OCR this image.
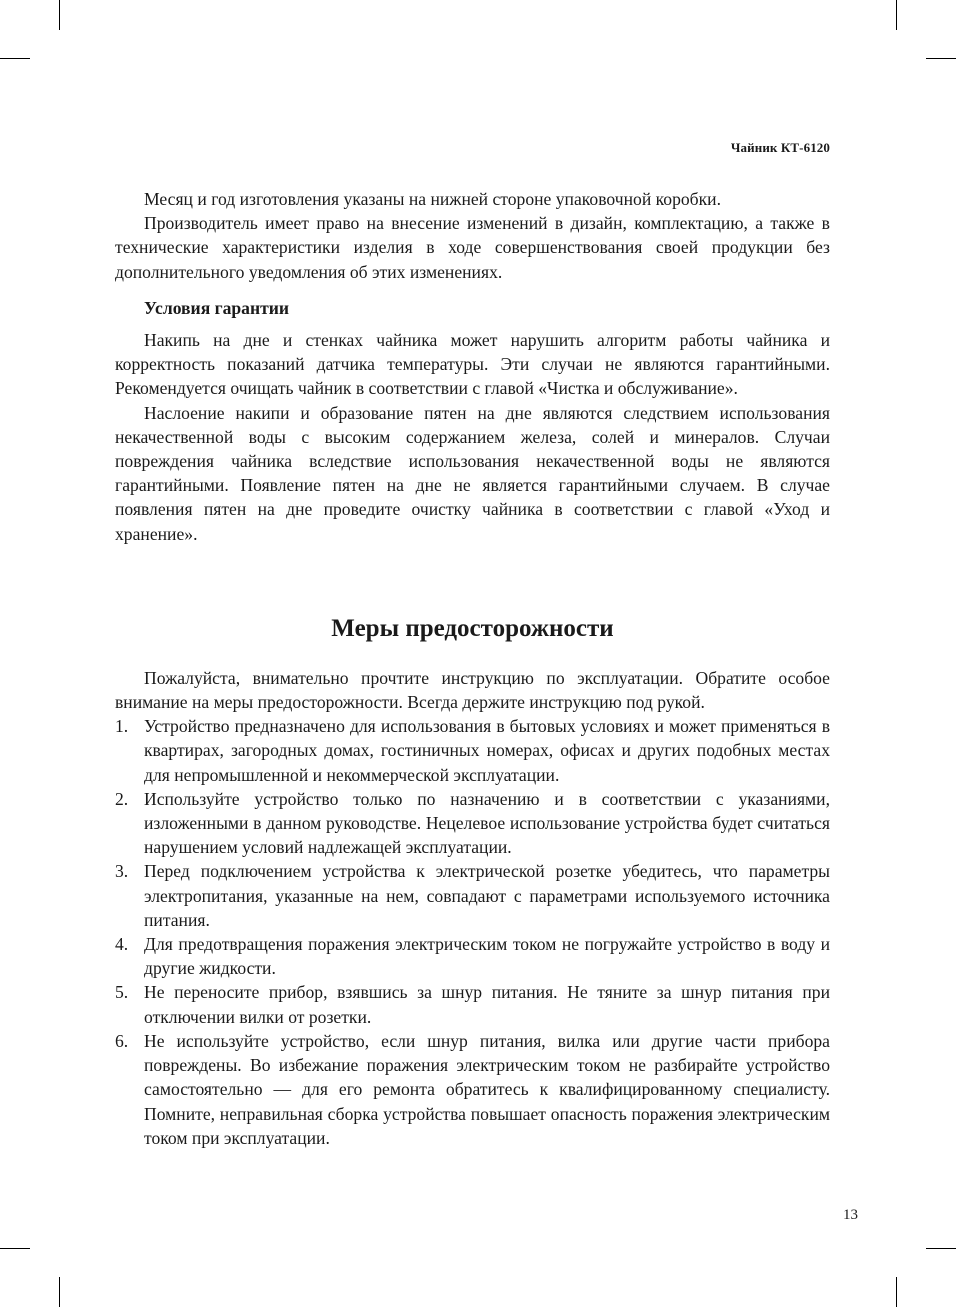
Чайник КТ-6120

Месяц и год изготовления указаны на нижней стороне упаковочной коробки.

Производитель имеет право на внесение изменений в дизайн, комплектацию, а также в технические характеристики изделия в ходе совершенствования своей продукции без дополнительного уведомления об этих изменениях.

Условия гарантии

Накипь на дне и стенках чайника может нарушить алгоритм работы чайника и корректность показаний датчика температуры. Эти случаи не являются гарантийными. Рекомендуется очищать чайник в соответствии с главой «Чистка и обслуживание».

Наслоение накипи и образование пятен на дне являются следствием использования некачественной воды с высоким содержанием железа, солей и минералов. Случаи повреждения чайника вследствие использования некачественной воды не являются гарантийными. Появление пятен на дне не является гарантийными случаем. В случае появления пятен на дне проведите очистку чайника в соответствии с главой «Уход и хранение».

Меры предосторожности

Пожалуйста, внимательно прочтите инструкцию по эксплуатации. Обратите особое внимание на меры предосторожности. Всегда держите инструкцию под рукой.

1. Устройство предназначено для использования в бытовых условиях и может применяться в квартирах, загородных домах, гостиничных номерах, офисах и других подобных местах для непромышленной и некоммерческой эксплуатации.
2. Используйте устройство только по назначению и в соответствии с указаниями, изложенными в данном руководстве. Нецелевое использование устройства будет считаться нарушением условий надлежащей эксплуатации.
3. Перед подключением устройства к электрической розетке убедитесь, что параметры электропитания, указанные на нем, совпадают с параметрами используемого источника питания.
4. Для предотвращения поражения электрическим током не погружайте устройство в воду и другие жидкости.
5. Не переносите прибор, взявшись за шнур питания. Не тяните за шнур питания при отключении вилки от розетки.
6. Не используйте устройство, если шнур питания, вилка или другие части прибора повреждены. Во избежание поражения электрическим током не разбирайте устройство самостоятельно — для его ремонта обратитесь к квалифицированному специалисту. Помните, неправильная сборка устройства повышает опасность поражения электрическим током при эксплуатации.
13
